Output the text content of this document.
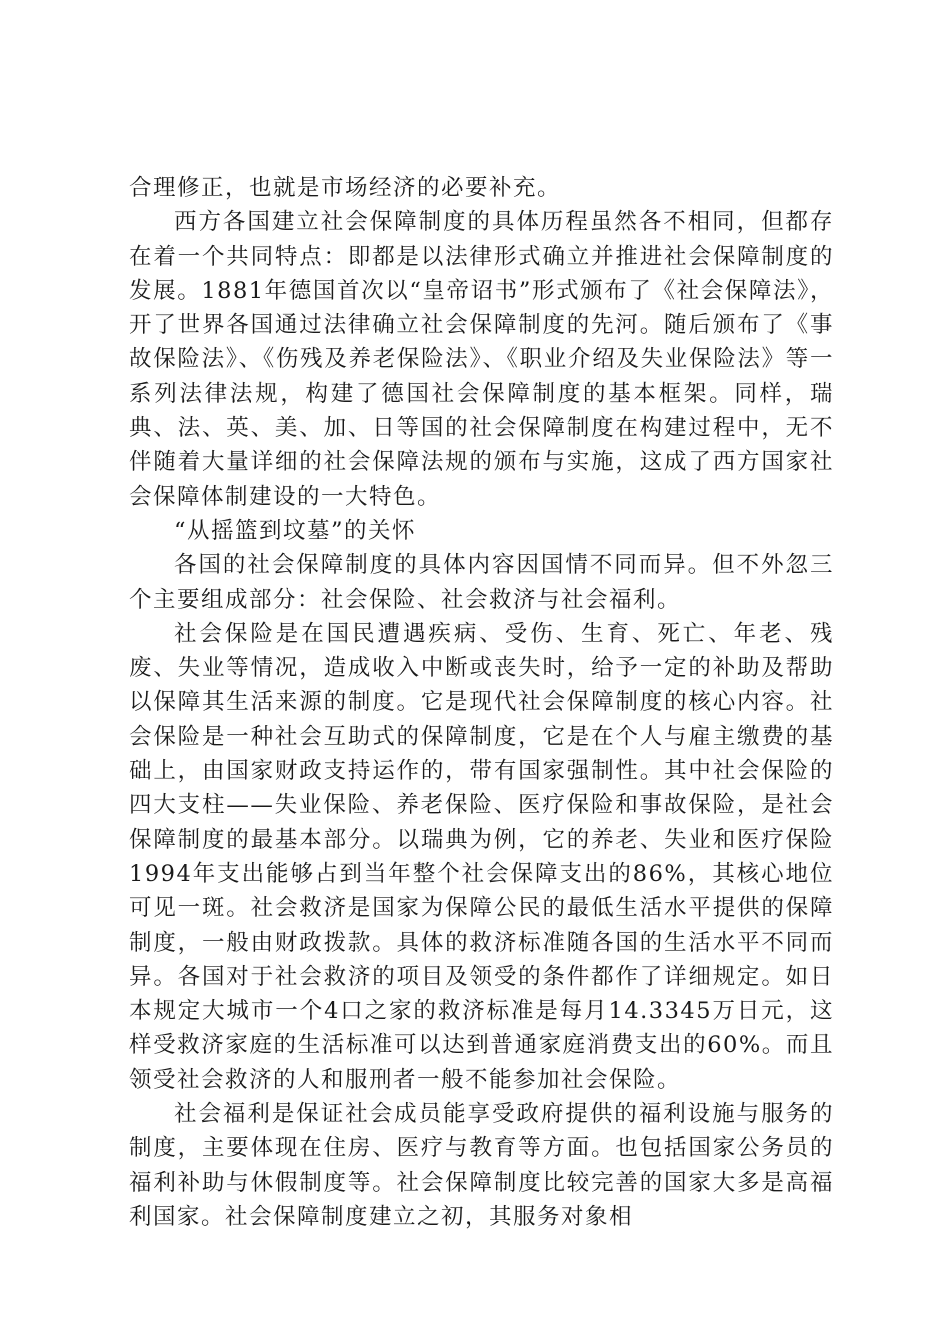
合理修正，也就是市场经济的必要补充。

西方各国建立社会保障制度的具体历程虽然各不相同，但都存在着一个共同特点：即都是以法律形式确立并推进社会保障制度的发展。1881年德国首次以“皇帝诏书”形式颁布了《社会保障法》，开了世界各国通过法律确立社会保障制度的先河。随后颁布了《事故保险法》、《伤残及养老保险法》、《职业介绍及失业保险法》等一系列法律法规，构建了德国社会保障制度的基本框架。同样，瑞典、法、英、美、加、日等国的社会保障制度在构建过程中，无不伴随着大量详细的社会保障法规的颁布与实施，这成了西方国家社会保障体制建设的一大特色。

“从摇篮到坟墓”的关怀

各国的社会保障制度的具体内容因国情不同而异。但不外忽三个主要组成部分：社会保险、社会救济与社会福利。

社会保险是在国民遭遇疾病、受伤、生育、死亡、年老、残废、失业等情况，造成收入中断或丧失时，给予一定的补助及帮助以保障其生活来源的制度。它是现代社会保障制度的核心内容。社会保险是一种社会互助式的保障制度，它是在个人与雇主缴费的基础上，由国家财政支持运作的，带有国家强制性。其中社会保险的四大支柱——失业保险、养老保险、医疗保险和事故保险，是社会保障制度的最基本部分。以瑞典为例，它的养老、失业和医疗保险1994年支出能够占到当年整个社会保障支出的86%，其核心地位可见一斑。社会救济是国家为保障公民的最低生活水平提供的保障制度，一般由财政拨款。具体的救济标准随各国的生活水平不同而异。各国对于社会救济的项目及领受的条件都作了详细规定。如日本规定大城市一个4口之家的救济标准是每月14.3345万日元，这样受救济家庭的生活标准可以达到普通家庭消费支出的60%。而且领受社会救济的人和服刑者一般不能参加社会保险。

社会福利是保证社会成员能享受政府提供的福利设施与服务的制度，主要体现在住房、医疗与教育等方面。也包括国家公务员的福利补助与休假制度等。社会保障制度比较完善的国家大多是高福利国家。社会保障制度建立之初，其服务对象相
